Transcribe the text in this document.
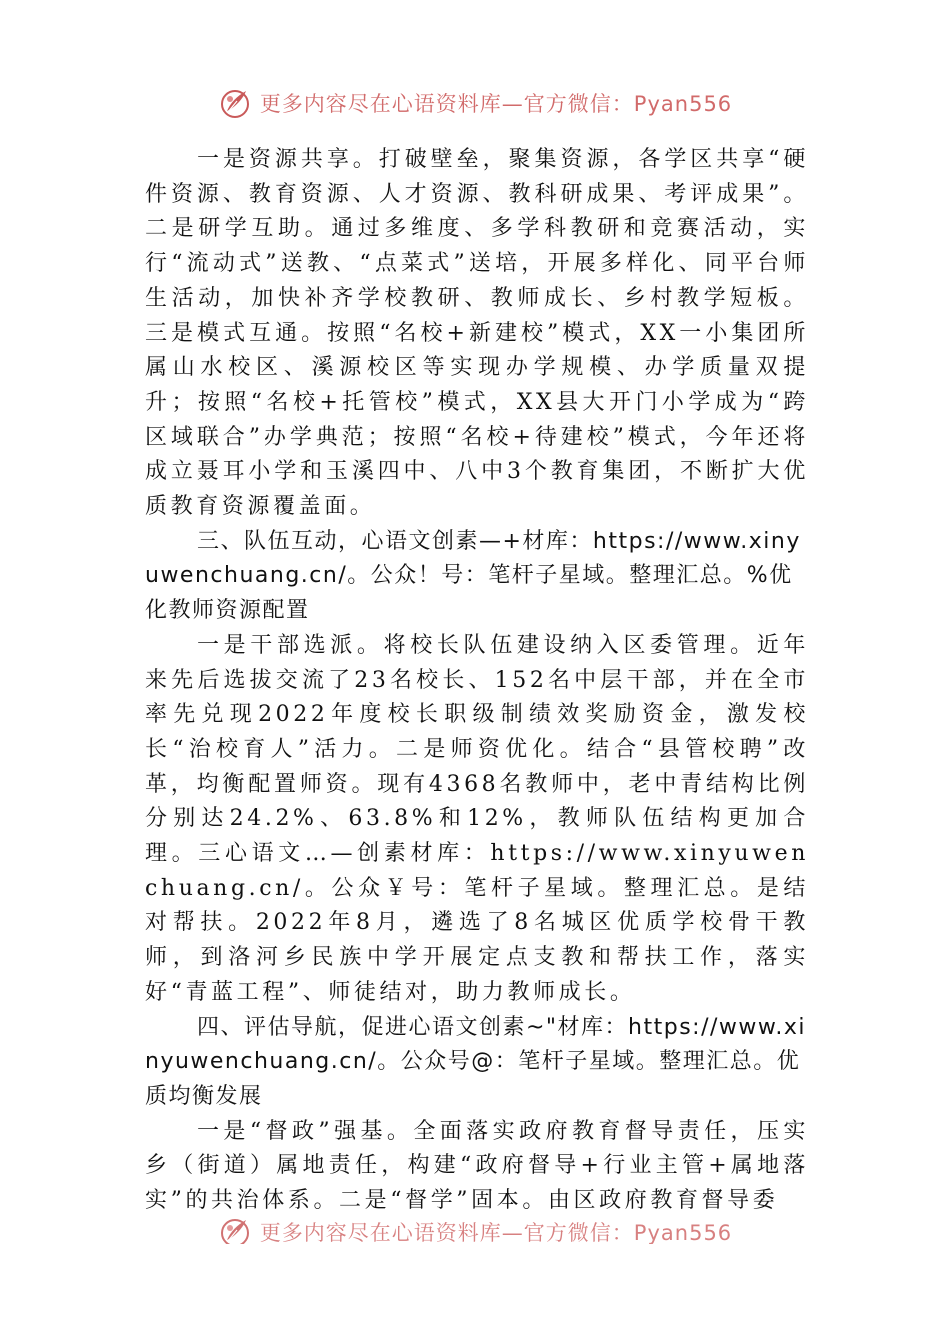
更多内容尽在心语资料库—官方微信：Pyan556

一是资源共享。打破壁垒，聚集资源，各学区共享“硬件资源、教育资源、人才资源、教科研成果、考评成果”。二是研学互助。通过多维度、多学科教研和竞赛活动，实行“流动式”送教、“点菜式”送培，开展多样化、同平台师生活动，加快补齐学校教研、教师成长、乡村教学短板。三是模式互通。按照“名校+新建校”模式，XX一小集团所属山水校区、溪源校区等实现办学规模、办学质量双提升；按照“名校+托管校”模式，XX县大开门小学成为“跨区域联合”办学典范；按照“名校+待建校”模式，今年还将成立聂耳小学和玉溪四中、八中3个教育集团，不断扩大优质教育资源覆盖面。

三、队伍互动，心语文创素—+材库：https://www.xinyuwenchuang.cn/。公众！号：笔杆子星域。整理汇总。%优化教师资源配置

一是干部选派。将校长队伍建设纳入区委管理。近年来先后选拔交流了23名校长、152名中层干部，并在全市率先兑现2022年度校长职级制绩效奖励资金，激发校长“治校育人”活力。二是师资优化。结合“县管校聘”改革，均衡配置师资。现有4368名教师中，老中青结构比例分别达24.2%、63.8%和12%，教师队伍结构更加合理。三心语文…—创素材库：https://www.xinyuwenchuang.cn/。公众￥号：笔杆子星域。整理汇总。是结对帮扶。2022年8月，遴选了8名城区优质学校骨干教师，到洛河乡民族中学开展定点支教和帮扶工作，落实好“青蓝工程”、师徒结对，助力教师成长。

四、评估导航，促进心语文创素~"材库：https://www.xinyuwenchuang.cn/。公众号@：笔杆子星域。整理汇总。优质均衡发展

一是“督政”强基。全面落实政府教育督导责任，压实乡（街道）属地责任，构建“政府督导+行业主管+属地落实”的共治体系。二是“督学”固本。由区政府教育督导委

更多内容尽在心语资料库—官方微信：Pyan556
